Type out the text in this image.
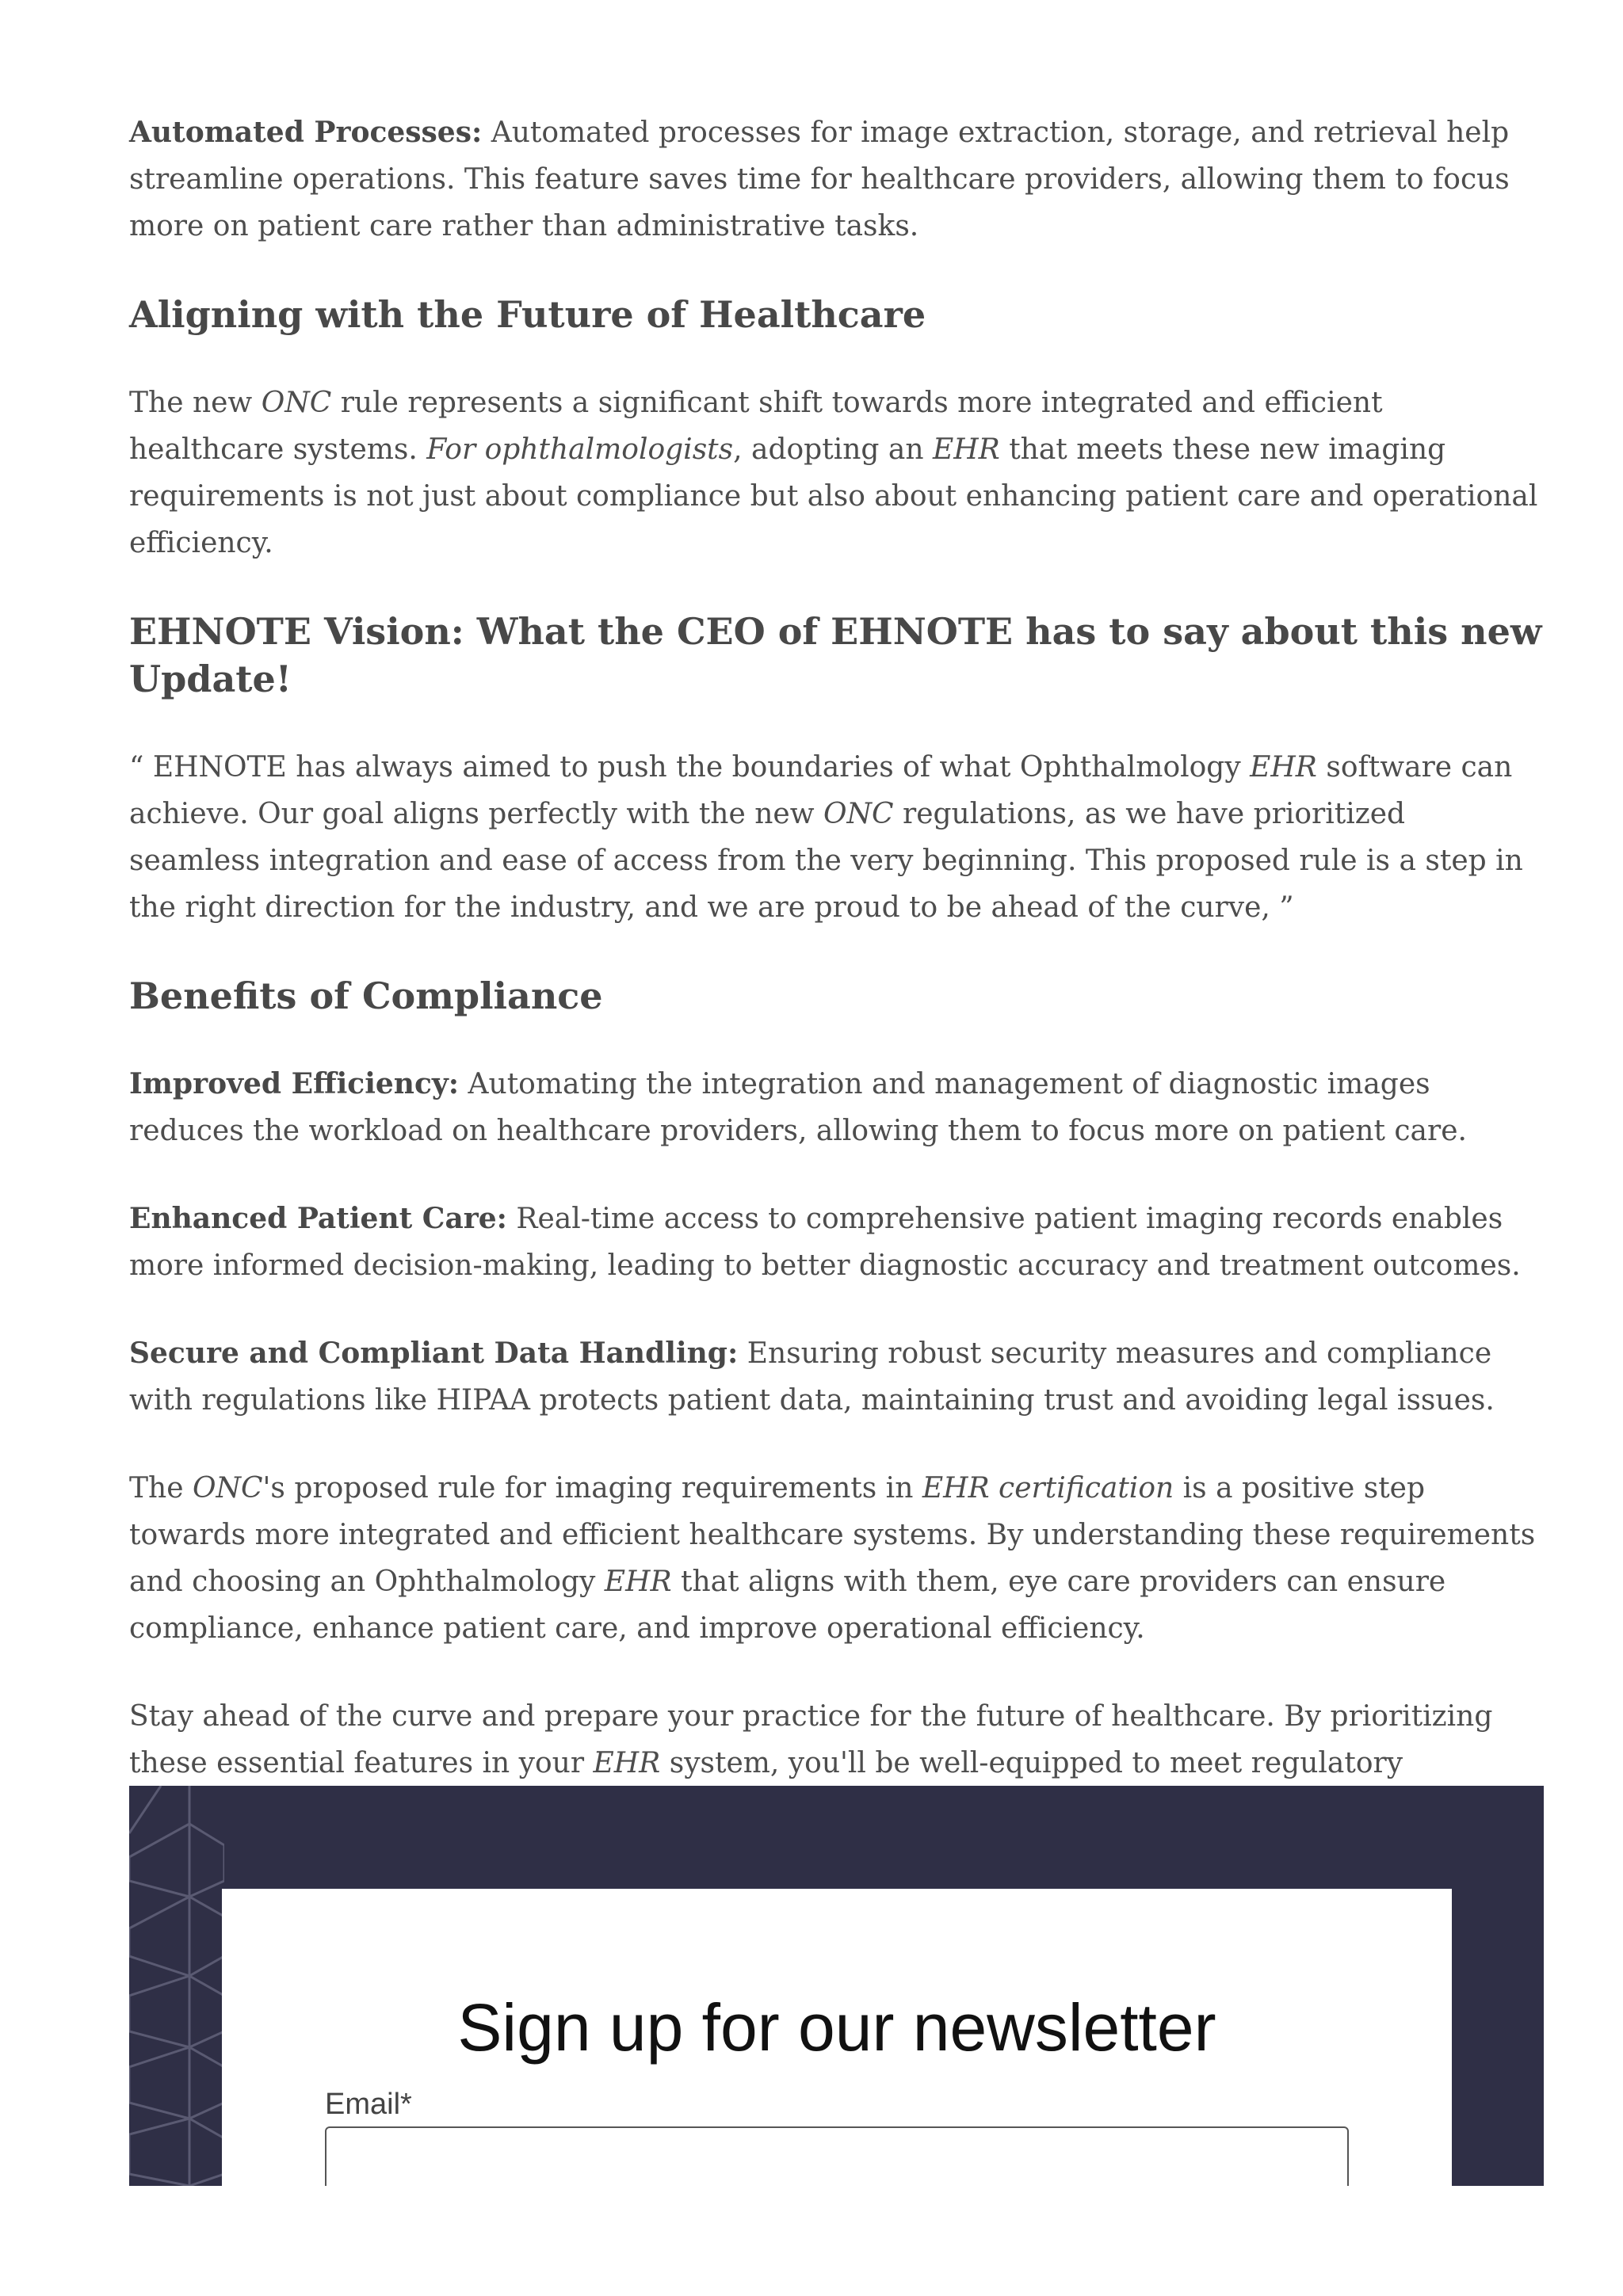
Automated Processes: Automated processes for image extraction, storage, and retrieval help streamline operations. This feature saves time for healthcare providers, allowing them to focus more on patient care rather than administrative tasks.

Aligning with the Future of Healthcare

The new ONC rule represents a significant shift towards more integrated and efficient healthcare systems. For ophthalmologists, adopting an EHR that meets these new imaging requirements is not just about compliance but also about enhancing patient care and operational efficiency.

EHNOTE Vision: What the CEO of EHNOTE has to say about this new Update!

“ EHNOTE has always aimed to push the boundaries of what Ophthalmology EHR software can achieve. Our goal aligns perfectly with the new ONC regulations, as we have prioritized seamless integration and ease of access from the very beginning. This proposed rule is a step in the right direction for the industry, and we are proud to be ahead of the curve, ”

Benefits of Compliance

Improved Efficiency: Automating the integration and management of diagnostic images reduces the workload on healthcare providers, allowing them to focus more on patient care.

Enhanced Patient Care: Real-time access to comprehensive patient imaging records enables more informed decision-making, leading to better diagnostic accuracy and treatment outcomes.

Secure and Compliant Data Handling: Ensuring robust security measures and compliance with regulations like HIPAA protects patient data, maintaining trust and avoiding legal issues.

The ONC's proposed rule for imaging requirements in EHR certification is a positive step towards more integrated and efficient healthcare systems. By understanding these requirements and choosing an Ophthalmology EHR that aligns with them, eye care providers can ensure compliance, enhance patient care, and improve operational efficiency.

Stay ahead of the curve and prepare your practice for the future of healthcare. By prioritizing these essential features in your EHR system, you'll be well-equipped to meet regulatory

Sign up for our newsletter
Email*
